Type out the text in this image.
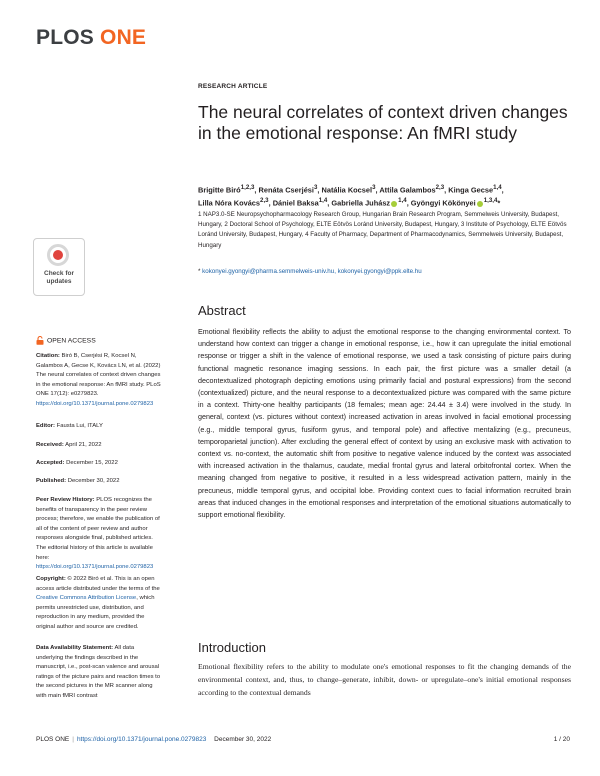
PLOS ONE
RESEARCH ARTICLE
The neural correlates of context driven changes in the emotional response: An fMRI study
Brigitte Biró$^{1,2,3}$, Renáta Cserjési$^3$, Natália Kocsel$^3$, Attila Galambos$^{2,3}$, Kinga Gecse$^{1,4}$,
Lilla Nóra Kovács$^{2,3}$, Dániel Baksa$^{1,4}$, Gabriella Juhász $^{1,4}$, Gyöngyi Kökönyei $^{1,3,4}$*
1 NAP3.0-SE Neuropsychopharmacology Research Group, Hungarian Brain Research Program, Semmelweis University, Budapest, Hungary, 2 Doctoral School of Psychology, ELTE Eötvös Loránd University, Budapest, Hungary, 3 Institute of Psychology, ELTE Eötvös Loránd University, Budapest, Hungary, 4 Faculty of Pharmacy, Department of Pharmacodynamics, Semmelweis University, Budapest, Hungary
* kokonyei.gyongyi@pharma.semmelweis-univ.hu, kokonyei.gyongyi@ppk.elte.hu
Check for
updates
OPEN ACCESS
Citation: Biró B, Cserjési R, Kocsel N, Galambos A, Gecse K, Kovács LN, et al. (2022) The neural correlates of context driven changes in the emotional response: An fMRI study. PLoS ONE 17(12): e0279823. https://doi.org/10.1371/journal.pone.0279823
Editor: Fausta Lui, ITALY
Received: April 21, 2022
Accepted: December 15, 2022
Published: December 30, 2022
Peer Review History: PLOS recognizes the benefits of transparency in the peer review process; therefore, we enable the publication of all of the content of peer review and author responses alongside final, published articles. The editorial history of this article is available here: https://doi.org/10.1371/journal.pone.0279823
Copyright: © 2022 Biró et al. This is an open access article distributed under the terms of the Creative Commons Attribution License, which permits unrestricted use, distribution, and reproduction in any medium, provided the original author and source are credited.
Data Availability Statement: All data underlying the findings described in the manuscript, i.e., post-scan valence and arousal ratings of the picture pairs and reaction times to the second pictures in the MR scanner along with main fMRI contrast
Abstract
Emotional flexibility reflects the ability to adjust the emotional response to the changing environmental context. To understand how context can trigger a change in emotional response, i.e., how it can upregulate the initial emotional response or trigger a shift in the valence of emotional response, we used a task consisting of picture pairs during functional magnetic resonance imaging sessions. In each pair, the first picture was a smaller detail (a decontextualized photograph depicting emotions using primarily facial and postural expressions) from the second (contextualized) picture, and the neural response to a decontextualized picture was compared with the same picture in a context. Thirty-one healthy participants (18 females; mean age: 24.44 ± 3.4) were involved in the study. In general, context (vs. pictures without context) increased activation in areas involved in facial emotional processing (e.g., middle temporal gyrus, fusiform gyrus, and temporal pole) and affective mentalizing (e.g., precuneus, temporoparietal junction). After excluding the general effect of context by using an exclusive mask with activation to context vs. no-context, the automatic shift from positive to negative valence induced by the context was associated with increased activation in the thalamus, caudate, medial frontal gyrus and lateral orbitofrontal cortex. When the meaning changed from negative to positive, it resulted in a less widespread activation pattern, mainly in the precuneus, middle temporal gyrus, and occipital lobe. Providing context cues to facial information recruited brain areas that induced changes in the emotional responses and interpretation of the emotional situations automatically to support emotional flexibility.
Introduction
Emotional flexibility refers to the ability to modulate one's emotional responses to fit the changing demands of the environmental context, and, thus, to change–generate, inhibit, down- or upregulate–one's initial emotional responses according to the contextual demands
PLOS ONE | https://doi.org/10.1371/journal.pone.0279823 December 30, 2022	1 / 20
